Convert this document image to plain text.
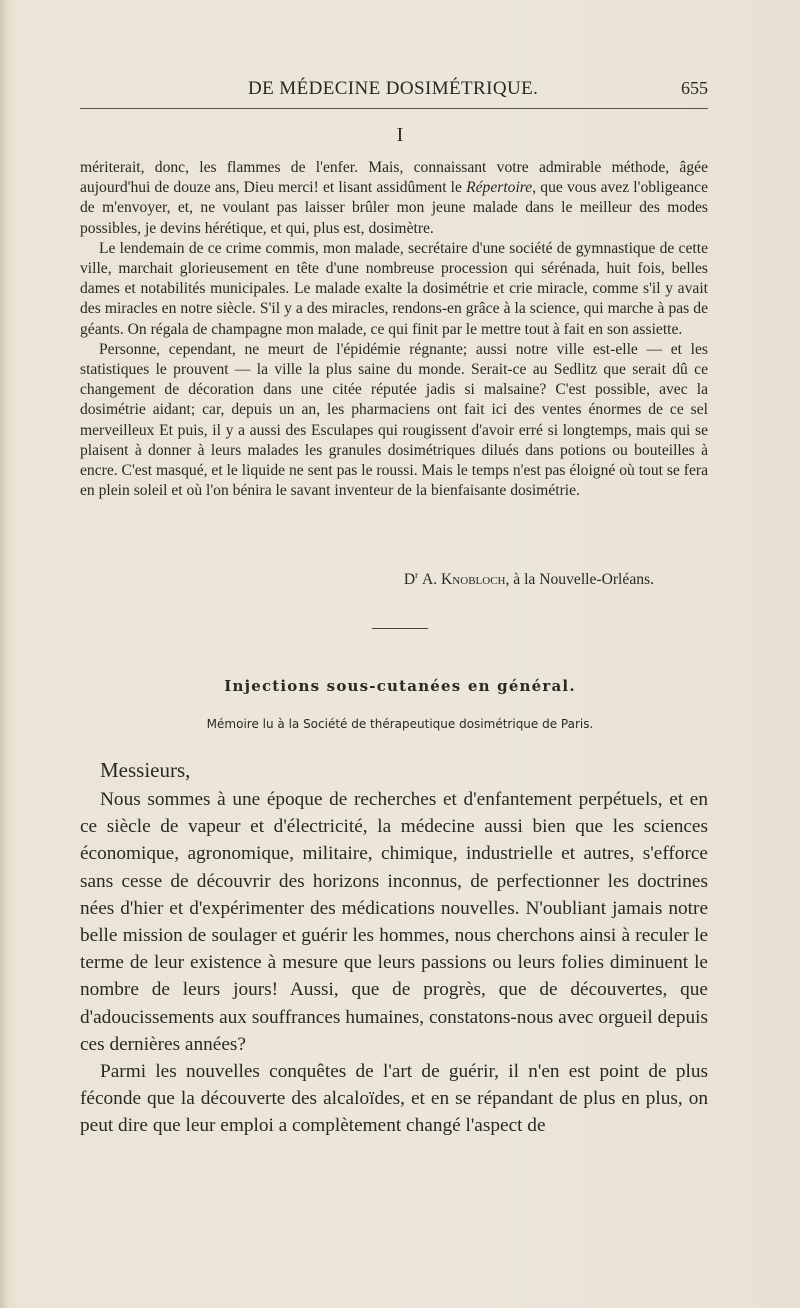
DE MÉDECINE DOSIMÉTRIQUE.	655
I

mériterait, donc, les flammes de l'enfer. Mais, connaissant votre admirable méthode, âgée aujourd'hui de douze ans, Dieu merci! et lisant assidûment le Répertoire, que vous avez l'obligeance de m'envoyer, et, ne voulant pas laisser brûler mon jeune malade dans le meilleur des modes possibles, je devins hérétique, et qui, plus est, dosimètre.

Le lendemain de ce crime commis, mon malade, secrétaire d'une société de gymnastique de cette ville, marchait glorieusement en tête d'une nombreuse procession qui sérénada, huit fois, belles dames et notabilités municipales. Le malade exalte la dosimétrie et crie miracle, comme s'il y avait des miracles en notre siècle. S'il y a des miracles, rendons-en grâce à la science, qui marche à pas de géants. On régala de champagne mon malade, ce qui finit par le mettre tout à fait en son assiette.

Personne, cependant, ne meurt de l'épidémie régnante; aussi notre ville est-elle — et les statistiques le prouvent — la ville la plus saine du monde. Serait-ce au Sedlitz que serait dû ce changement de décoration dans une citée réputée jadis si malsaine? C'est possible, avec la dosimétrie aidant; car, depuis un an, les pharmaciens ont fait ici des ventes énormes de ce sel merveilleux Et puis, il y a aussi des Esculapes qui rougissent d'avoir erré si longtemps, mais qui se plaisent à donner à leurs malades les granules dosimétriques dilués dans potions ou bouteilles à encre. C'est masqué, et le liquide ne sent pas le roussi. Mais le temps n'est pas éloigné où tout se fera en plein soleil et où l'on bénira le savant inventeur de la bienfaisante dosimétrie.

$D^r$ A. Knobloch, à la Nouvelle-Orléans.
Injections sous-cutanées en général.
Mémoire lu à la Société de thérapeutique dosimétrique de Paris.
Messieurs,

Nous sommes à une époque de recherches et d'enfantement perpétuels, et en ce siècle de vapeur et d'électricité, la médecine aussi bien que les sciences économique, agronomique, militaire, chimique, industrielle et autres, s'efforce sans cesse de découvrir des horizons inconnus, de perfectionner les doctrines nées d'hier et d'expérimenter des médications nouvelles. N'oubliant jamais notre belle mission de soulager et guérir les hommes, nous cherchons ainsi à reculer le terme de leur existence à mesure que leurs passions ou leurs folies diminuent le nombre de leurs jours! Aussi, que de progrès, que de découvertes, que d'adoucissements aux souffrances humaines, constatons-nous avec orgueil depuis ces dernières années?

Parmi les nouvelles conquêtes de l'art de guérir, il n'en est point de plus féconde que la découverte des alcaloïdes, et en se répandant de plus en plus, on peut dire que leur emploi a complètement changé l'aspect de
